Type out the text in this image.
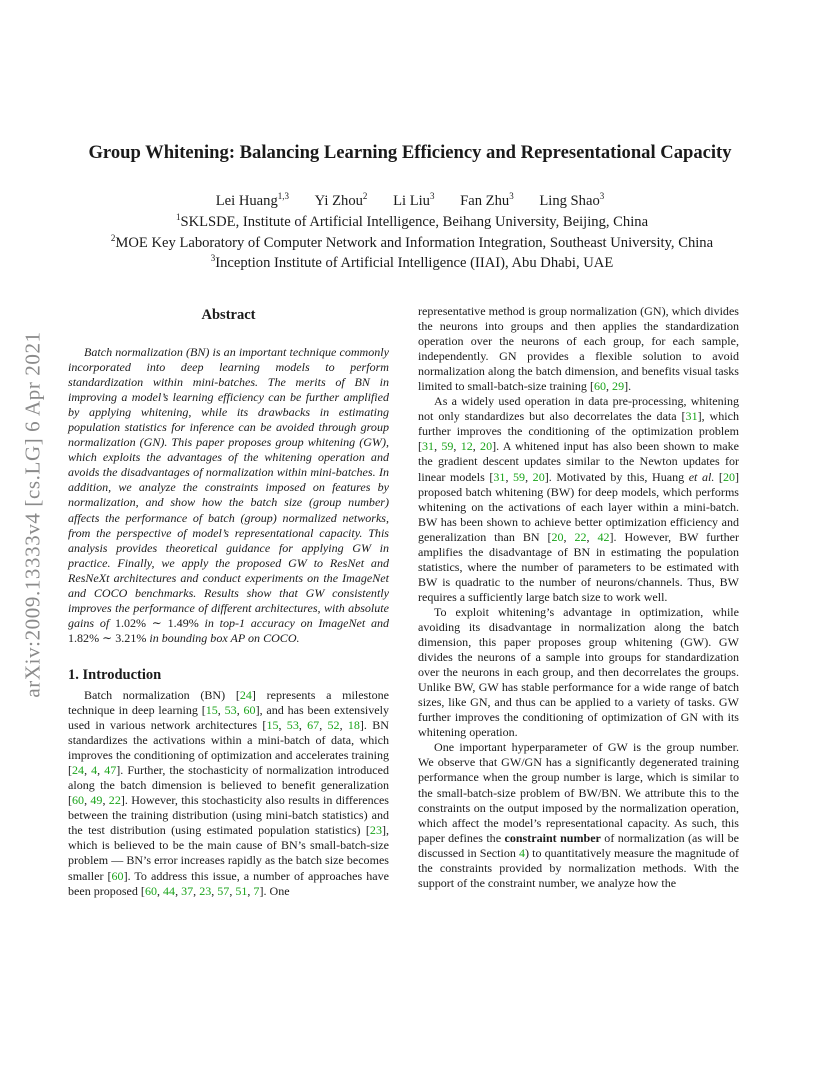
arXiv:2009.13333v4 [cs.LG] 6 Apr 2021
Group Whitening: Balancing Learning Efficiency and Representational Capacity
Lei Huang$^{1,3}$ Yi Zhou$^2$ Li Liu$^3$ Fan Zhu$^3$ Ling Shao$^3$
$^1$SKLSDE, Institute of Artificial Intelligence, Beihang University, Beijing, China
$^2$MOE Key Laboratory of Computer Network and Information Integration, Southeast University, China
$^3$Inception Institute of Artificial Intelligence (IIAI), Abu Dhabi, UAE
Abstract

Batch normalization (BN) is an important technique commonly incorporated into deep learning models to perform standardization within mini-batches. The merits of BN in improving a model’s learning efficiency can be further amplified by applying whitening, while its drawbacks in estimating population statistics for inference can be avoided through group normalization (GN). This paper proposes group whitening (GW), which exploits the advantages of the whitening operation and avoids the disadvantages of normalization within mini-batches. In addition, we analyze the constraints imposed on features by normalization, and show how the batch size (group number) affects the performance of batch (group) normalized networks, from the perspective of model’s representational capacity. This analysis provides theoretical guidance for applying GW in practice. Finally, we apply the proposed GW to ResNet and ResNeXt architectures and conduct experiments on the ImageNet and COCO benchmarks. Results show that GW consistently improves the performance of different architectures, with absolute gains of 1.02% ∼ 1.49% in top-1 accuracy on ImageNet and 1.82% ∼ 3.21% in bounding box AP on COCO.

1. Introduction

Batch normalization (BN) [24] represents a milestone technique in deep learning [15, 53, 60], and has been extensively used in various network architectures [15, 53, 67, 52, 18]. BN standardizes the activations within a mini-batch of data, which improves the conditioning of optimization and accelerates training [24, 4, 47]. Further, the stochasticity of normalization introduced along the batch dimension is believed to benefit generalization [60, 49, 22]. However, this stochasticity also results in differences between the training distribution (using mini-batch statistics) and the test distribution (using estimated population statistics) [23], which is believed to be the main cause of BN’s small-batch-size problem — BN’s error increases rapidly as the batch size becomes smaller [60]. To address this issue, a number of approaches have been proposed [60, 44, 37, 23, 57, 51, 7]. One

representative method is group normalization (GN), which divides the neurons into groups and then applies the standardization operation over the neurons of each group, for each sample, independently. GN provides a flexible solution to avoid normalization along the batch dimension, and benefits visual tasks limited to small-batch-size training [60, 29].

As a widely used operation in data pre-processing, whitening not only standardizes but also decorrelates the data [31], which further improves the conditioning of the optimization problem [31, 59, 12, 20]. A whitened input has also been shown to make the gradient descent updates similar to the Newton updates for linear models [31, 59, 20]. Motivated by this, Huang et al. [20] proposed batch whitening (BW) for deep models, which performs whitening on the activations of each layer within a mini-batch. BW has been shown to achieve better optimization efficiency and generalization than BN [20, 22, 42]. However, BW further amplifies the disadvantage of BN in estimating the population statistics, where the number of parameters to be estimated with BW is quadratic to the number of neurons/channels. Thus, BW requires a sufficiently large batch size to work well.

To exploit whitening’s advantage in optimization, while avoiding its disadvantage in normalization along the batch dimension, this paper proposes group whitening (GW). GW divides the neurons of a sample into groups for standardization over the neurons in each group, and then decorrelates the groups. Unlike BW, GW has stable performance for a wide range of batch sizes, like GN, and thus can be applied to a variety of tasks. GW further improves the conditioning of optimization of GN with its whitening operation.

One important hyperparameter of GW is the group number. We observe that GW/GN has a significantly degenerated training performance when the group number is large, which is similar to the small-batch-size problem of BW/BN. We attribute this to the constraints on the output imposed by the normalization operation, which affect the model’s representational capacity. As such, this paper defines the constraint number of normalization (as will be discussed in Section 4) to quantitatively measure the magnitude of the constraints provided by normalization methods. With the support of the constraint number, we analyze how the
